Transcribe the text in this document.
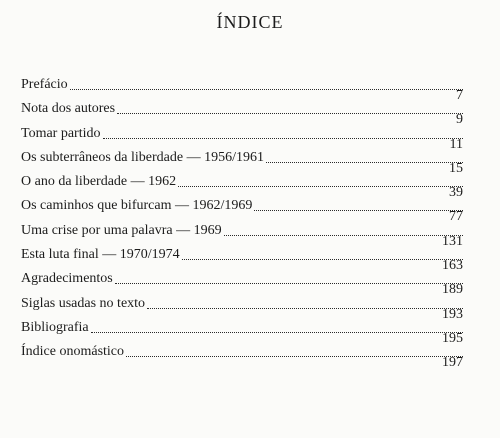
ÍNDICE
Prefácio
7
Nota dos autores
9
Tomar partido
11
Os subterrâneos da liberdade — 1956/1961
15
O ano da liberdade — 1962
39
Os caminhos que bifurcam — 1962/1969
77
Uma crise por uma palavra — 1969
131
Esta luta final — 1970/1974
163
Agradecimentos
189
Siglas usadas no texto
193
Bibliografia
195
Índice onomástico
197
